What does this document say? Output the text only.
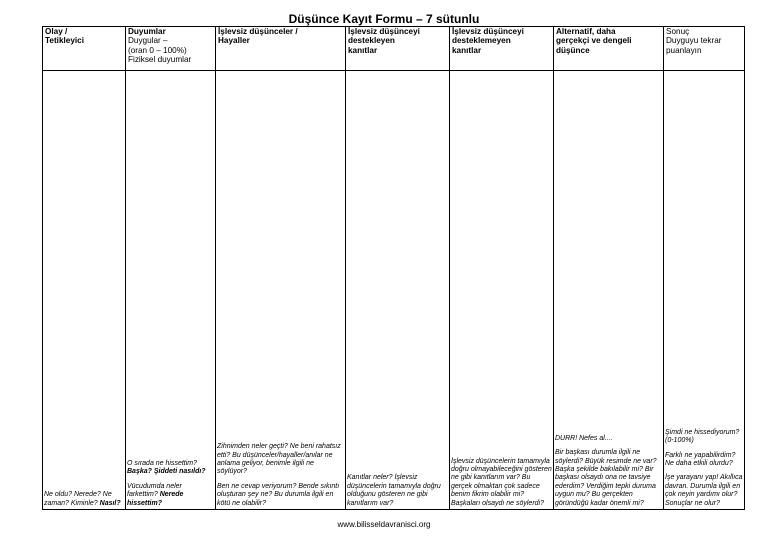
Düşünce Kayıt Formu – 7 sütunlu
Olay /
Tetikleyici

Ne oldu? Nerede? Ne zaman? Kiminle? Nasıl?

Duyumlar
Duygular –
(oran 0 – 100%)
Fiziksel duyumlar

O sırada ne hissettim? Başka? Şiddeti nasıldı?

Vücudumda neler farkettim? Nerede hissettim?

İşlevsiz düşünceler /
Hayaller

Zihnimden neler geçti? Ne beni rahatsız etti? Bu düşünceler/hayaller/anılar ne anlama geliyor, benimle ilgili ne söylüyor?

Ben ne cevap veriyorum? Bende sıkıntı oluşturan şey ne? Bu durumla ilgili en kötü ne olabilir?

İşlevsiz düşünceyi
destekleyen
kanıtlar

Kanıtlar neler? İşlevsiz düşüncelerin tamamıyla doğru olduğunu gösteren ne gibi kanıtlarım var?

İşlevsiz düşünceyi
desteklemeyen
kanıtlar

İşlevsiz düşüncelerin tamamıyla doğru olmayabileceğini gösteren ne gibi kanıtlarım var? Bu gerçek olmaktan çok sadece benim fikrim olabilir mi? Başkaları olsaydı ne söylerdi?

Alternatif, daha
gerçekçi ve dengeli
düşünce

DURR! Nefes al....

Bir başkası durumla ilgili ne söylerdi? Büyük resimde ne var? Başka şekilde bakılabilir mi? Bir başkası olsaydı ona ne tavsiye ederdim? Verdiğim tepki duruma uygun mu? Bu gerçekten göründüğü kadar önemli mi?

Sonuç
Duyguyu tekrar
puanlayın

Şimdi ne hissediyorum? (0-100%)

Farklı ne yapabilirdim? Ne daha etkili olurdu?

İşe yarayanı yap! Akıllıca davran. Durumla ilgili en çok neyin yardımı olur? Sonuçlar ne olur?

www.bilisseldavranisci.org
